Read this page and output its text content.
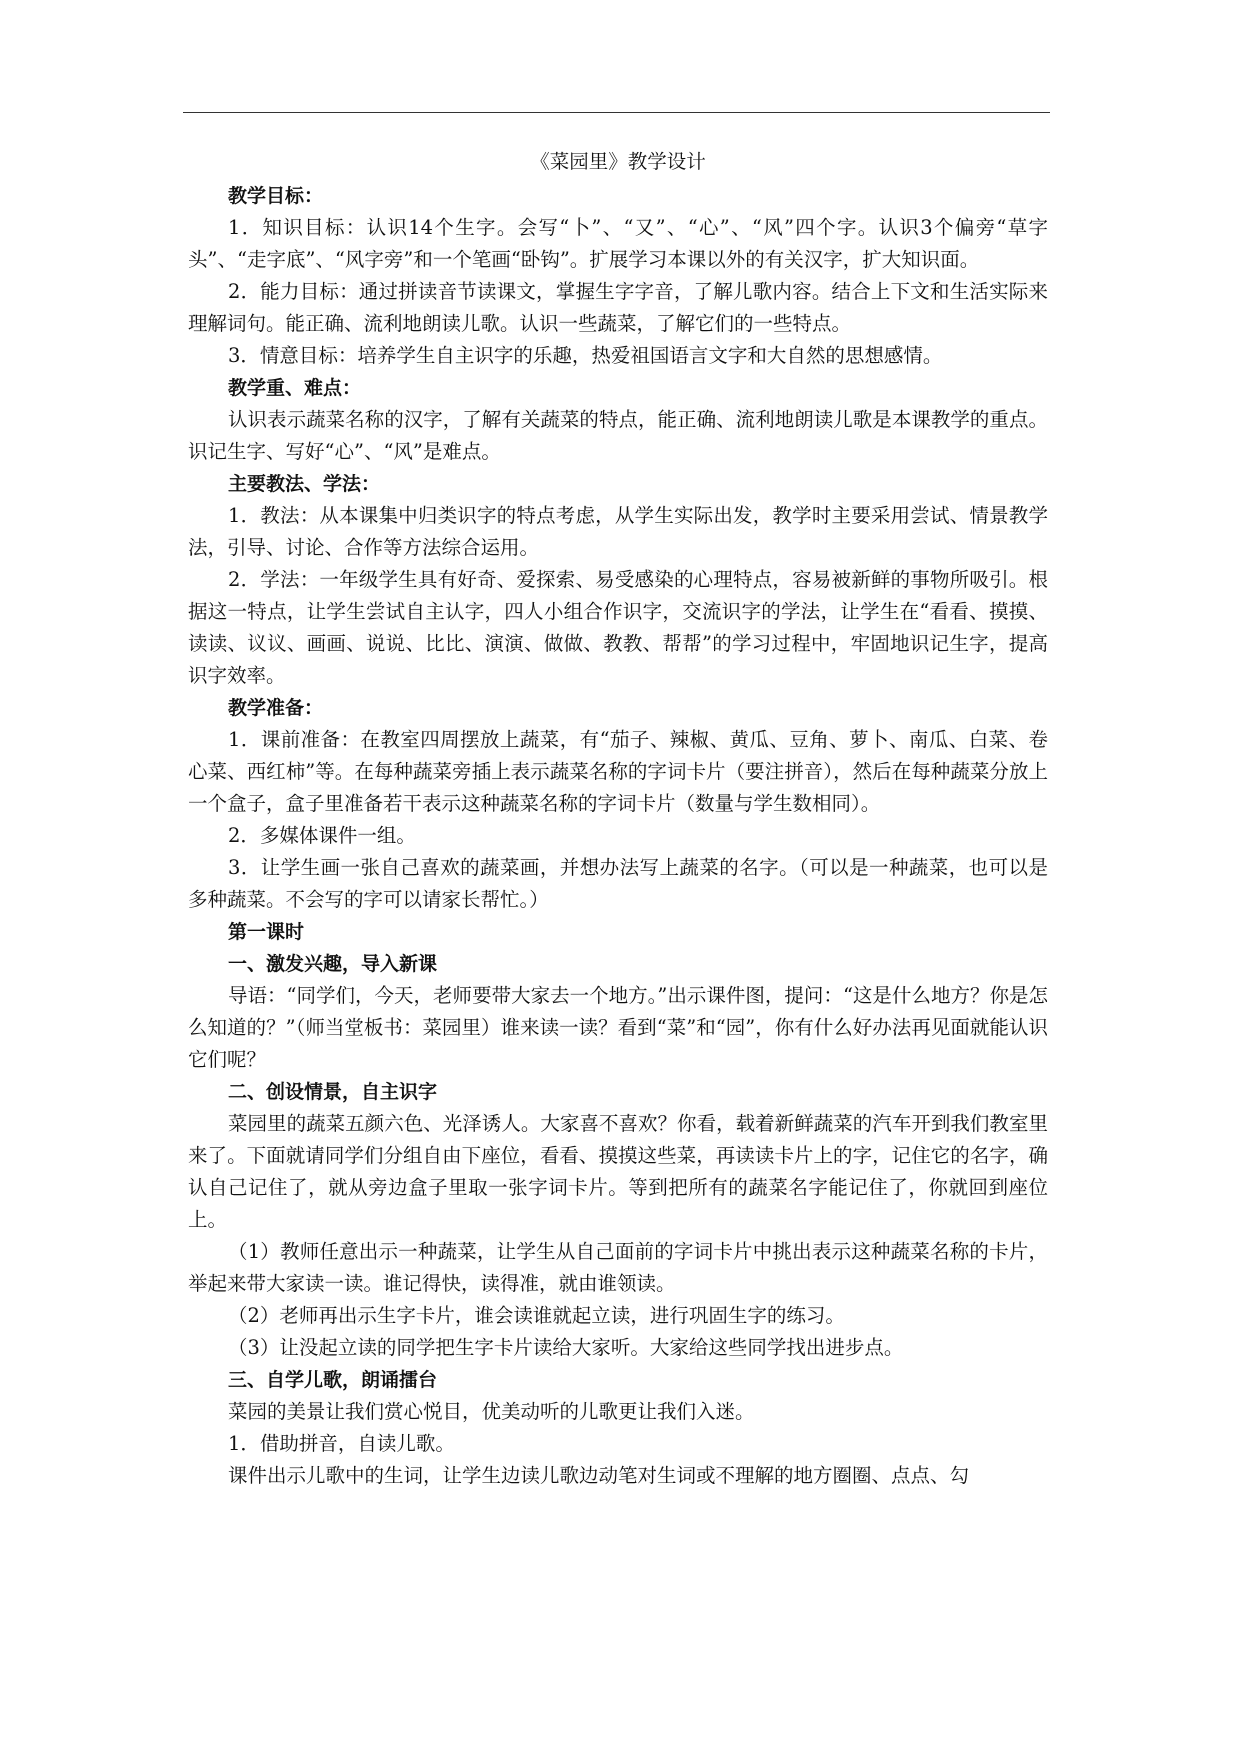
《菜园里》教学设计
教学目标：
1．知识目标：认识14个生字。会写“卜”、“又”、“心”、“风”四个字。认识3个偏旁“草字头”、“走字底”、“风字旁”和一个笔画“卧钩”。扩展学习本课以外的有关汉字，扩大知识面。
2．能力目标：通过拼读音节读课文，掌握生字字音，了解儿歌内容。结合上下文和生活实际来理解词句。能正确、流利地朗读儿歌。认识一些蔬菜，了解它们的一些特点。
3．情意目标：培养学生自主识字的乐趣，热爱祖国语言文字和大自然的思想感情。
教学重、难点：
认识表示蔬菜名称的汉字，了解有关蔬菜的特点，能正确、流利地朗读儿歌是本课教学的重点。识记生字、写好“心”、“风”是难点。
主要教法、学法：
1．教法：从本课集中归类识字的特点考虑，从学生实际出发，教学时主要采用尝试、情景教学法，引导、讨论、合作等方法综合运用。
2．学法：一年级学生具有好奇、爱探索、易受感染的心理特点，容易被新鲜的事物所吸引。根据这一特点，让学生尝试自主认字，四人小组合作识字，交流识字的学法，让学生在“看看、摸摸、读读、议议、画画、说说、比比、演演、做做、教教、帮帮”的学习过程中，牢固地识记生字，提高识字效率。
教学准备：
1．课前准备：在教室四周摆放上蔬菜，有“茄子、辣椒、黄瓜、豆角、萝卜、南瓜、白菜、卷心菜、西红柿”等。在每种蔬菜旁插上表示蔬菜名称的字词卡片（要注拼音），然后在每种蔬菜分放上一个盒子，盒子里准备若干表示这种蔬菜名称的字词卡片（数量与学生数相同）。
2．多媒体课件一组。
3．让学生画一张自己喜欢的蔬菜画，并想办法写上蔬菜的名字。（可以是一种蔬菜，也可以是多种蔬菜。不会写的字可以请家长帮忙。）
第一课时
一、激发兴趣，导入新课
导语：“同学们，今天，老师要带大家去一个地方。”出示课件图，提问：“这是什么地方？你是怎么知道的？”（师当堂板书：菜园里）谁来读一读？看到“菜”和“园”，你有什么好办法再见面就能认识它们呢？
二、创设情景，自主识字
菜园里的蔬菜五颜六色、光泽诱人。大家喜不喜欢？你看，载着新鲜蔬菜的汽车开到我们教室里来了。下面就请同学们分组自由下座位，看看、摸摸这些菜，再读读卡片上的字，记住它的名字，确认自己记住了，就从旁边盒子里取一张字词卡片。等到把所有的蔬菜名字能记住了，你就回到座位上。
（1）教师任意出示一种蔬菜，让学生从自己面前的字词卡片中挑出表示这种蔬菜名称的卡片，举起来带大家读一读。谁记得快，读得准，就由谁领读。
（2）老师再出示生字卡片，谁会读谁就起立读，进行巩固生字的练习。
（3）让没起立读的同学把生字卡片读给大家听。大家给这些同学找出进步点。
三、自学儿歌，朗诵擂台
菜园的美景让我们赏心悦目，优美动听的儿歌更让我们入迷。
1．借助拼音，自读儿歌。
课件出示儿歌中的生词，让学生边读儿歌边动笔对生词或不理解的地方圈圈、点点、勾
